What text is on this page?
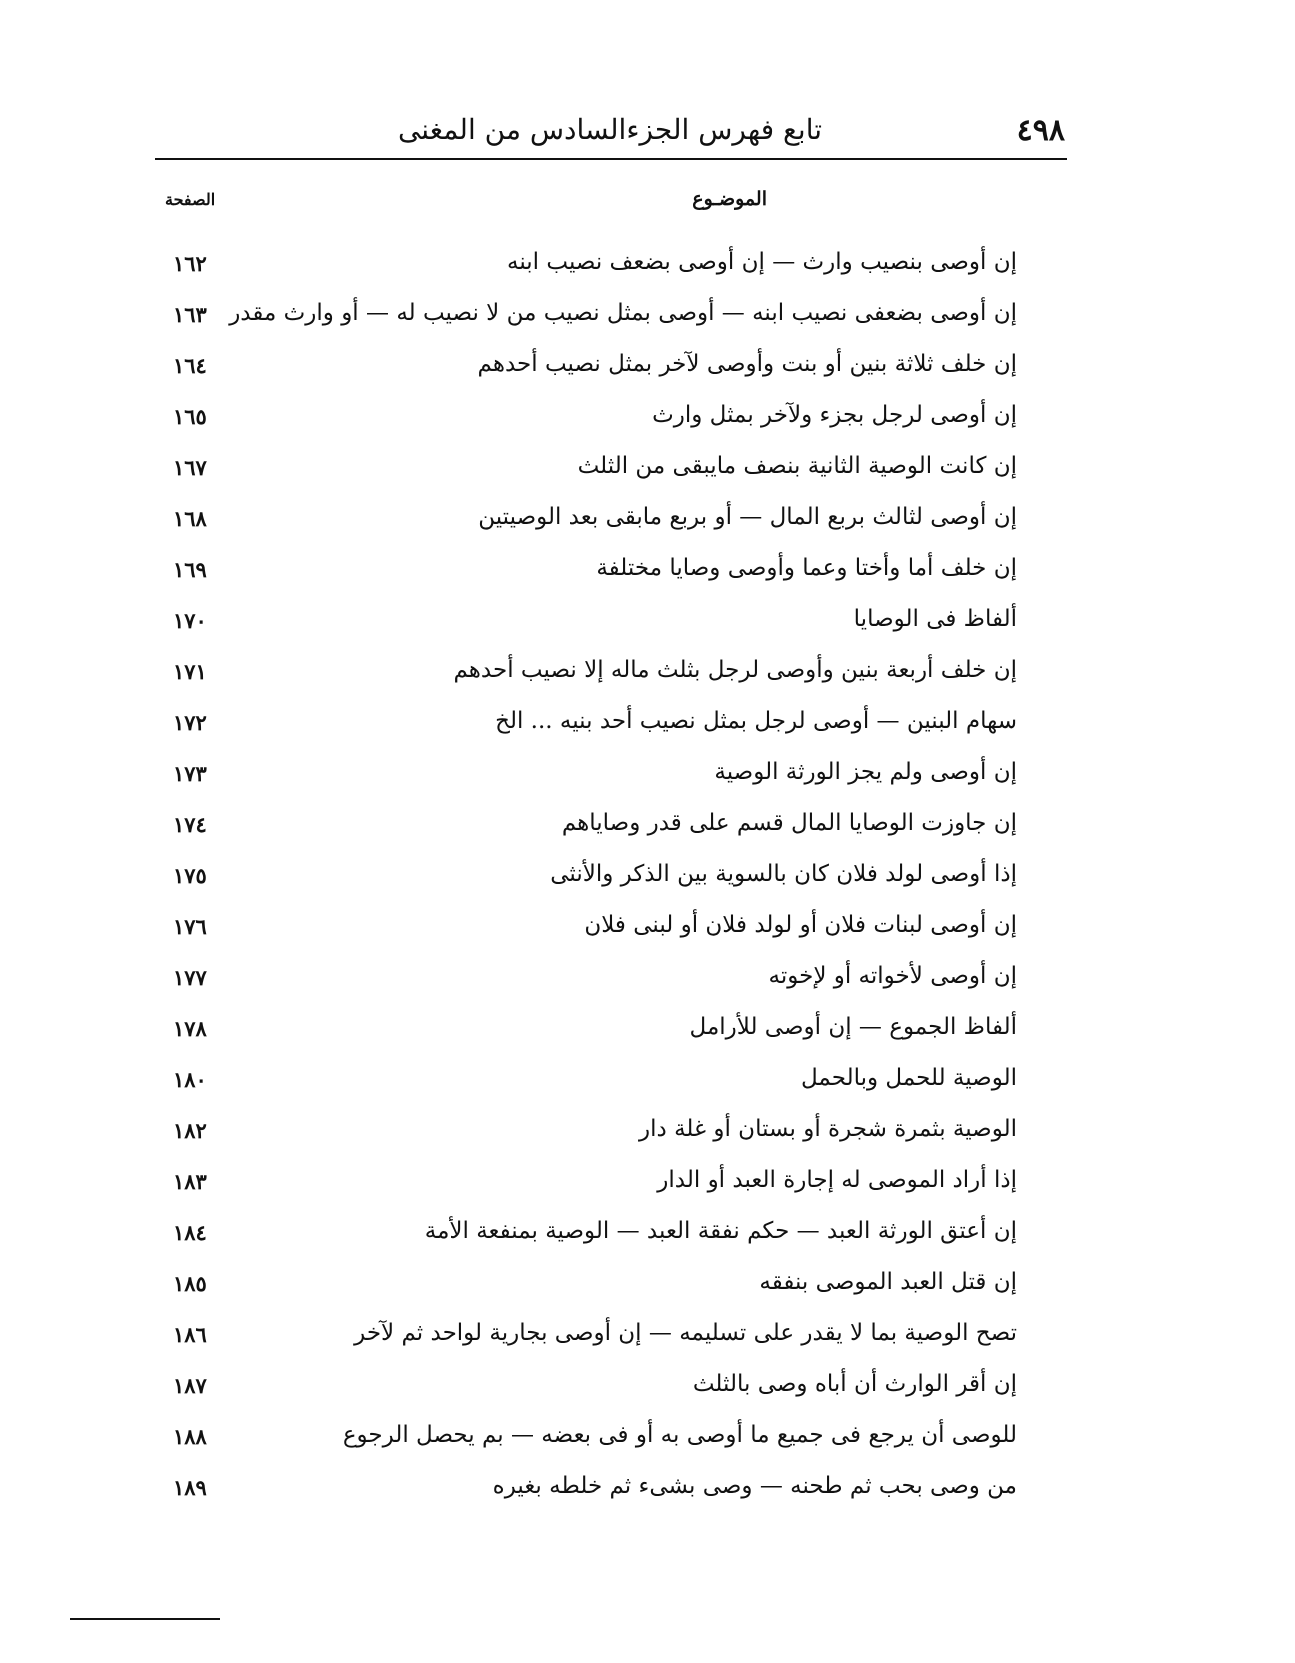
٤٩٨
تابع فهرس الجزءالسادس من المغنى
الموضـوع
الصفحة
إن أوصى بنصيب وارث — إن أوصى بضعف نصيب ابنه
١٦٢
إن أوصى بضعفى نصيب ابنه — أوصى بمثل نصيب من لا نصيب له — أو وارث مقدر
١٦٣
إن خلف ثلاثة بنين أو بنت وأوصى لآخر بمثل نصيب أحدهم
١٦٤
إن أوصى لرجل بجزء ولآخر بمثل وارث
١٦٥
إن كانت الوصية الثانية بنصف مايبقى من الثلث
١٦٧
إن أوصى لثالث بربع المال — أو بربع مابقى بعد الوصيتين
١٦٨
إن خلف أما وأختا وعما وأوصى وصايا مختلفة
١٦٩
ألفاظ فى الوصايا
١٧٠
إن خلف أربعة بنين وأوصى لرجل بثلث ماله إلا نصيب أحدهم
١٧١
سهام البنين — أوصى لرجل بمثل نصيب أحد بنيه ... الخ
١٧٢
إن أوصى ولم يجز الورثة الوصية
١٧٣
إن جاوزت الوصايا المال قسم على قدر وصاياهم
١٧٤
إذا أوصى لولد فلان كان بالسوية بين الذكر والأنثى
١٧٥
إن أوصى لبنات فلان أو لولد فلان أو لبنى فلان
١٧٦
إن أوصى لأخواته أو لإخوته
١٧٧
ألفاظ الجموع — إن أوصى للأرامل
١٧٨
الوصية للحمل وبالحمل
١٨٠
الوصية بثمرة شجرة أو بستان أو غلة دار
١٨٢
إذا أراد الموصى له إجارة العبد أو الدار
١٨٣
إن أعتق الورثة العبد — حكم نفقة العبد — الوصية بمنفعة الأمة
١٨٤
إن قتل العبد الموصى بنفقه
١٨٥
تصح الوصية بما لا يقدر على تسليمه — إن أوصى بجارية لواحد ثم لآخر
١٨٦
إن أقر الوارث أن أباه وصى بالثلث
١٨٧
للوصى أن يرجع فى جميع ما أوصى به أو فى بعضه — بم يحصل الرجوع
١٨٨
من وصى بحب ثم طحنه — وصى بشىء ثم خلطه بغيره
١٨٩
